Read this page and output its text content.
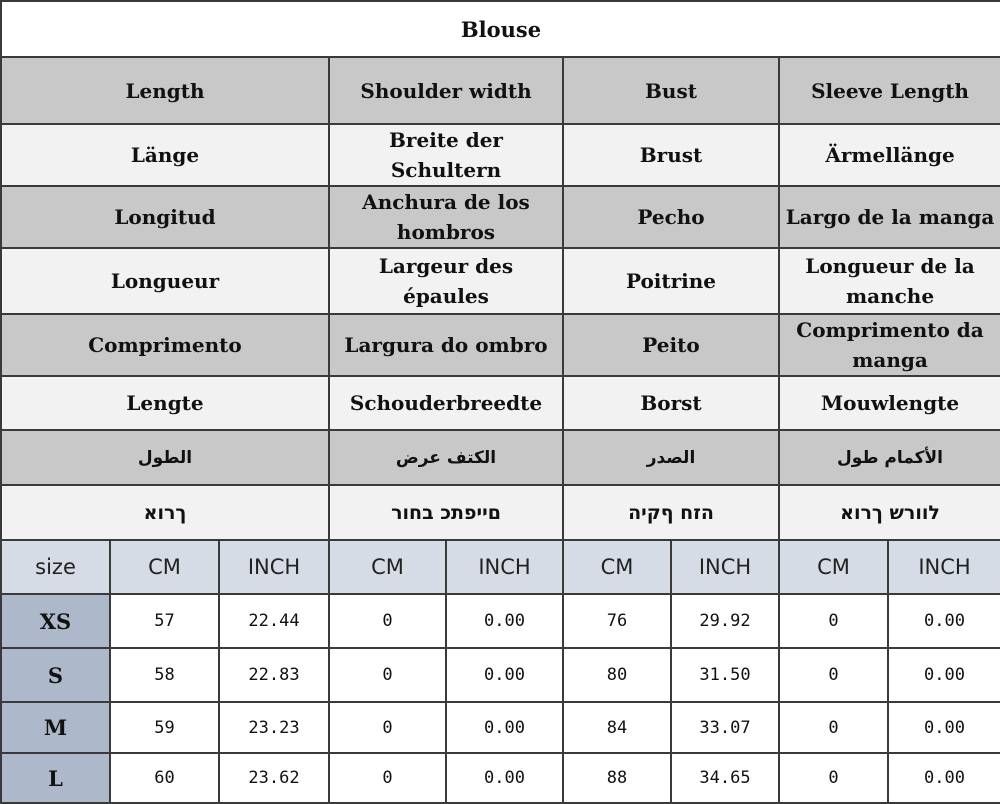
Blouse								
Length			Shoulder width		Bust		Sleeve Length	
Länge			Breite der Schultern		Brust		Ärmellänge	
Longitud			Anchura de los hombros		Pecho		Largo de la manga	
Longueur			Largeur des épaules		Poitrine		Longueur de la manche	
Comprimento			Largura do ombro		Peito		Comprimento da manga	
Lengte			Schouderbreedte		Borst		Mouwlengte	
الطول			الكتف عرض		الصدر		الأكمام طول	
ךרוא			םייפתכ בחור		הזח ףקיה		לוורש ךרוא	
size	CM	INCH	CM	INCH	CM	INCH	CM	INCH
XS	57	22.44	0	0.00	76	29.92	0	0.00
S	58	22.83	0	0.00	80	31.50	0	0.00
M	59	23.23	0	0.00	84	33.07	0	0.00
L	60	23.62	0	0.00	88	34.65	0	0.00
